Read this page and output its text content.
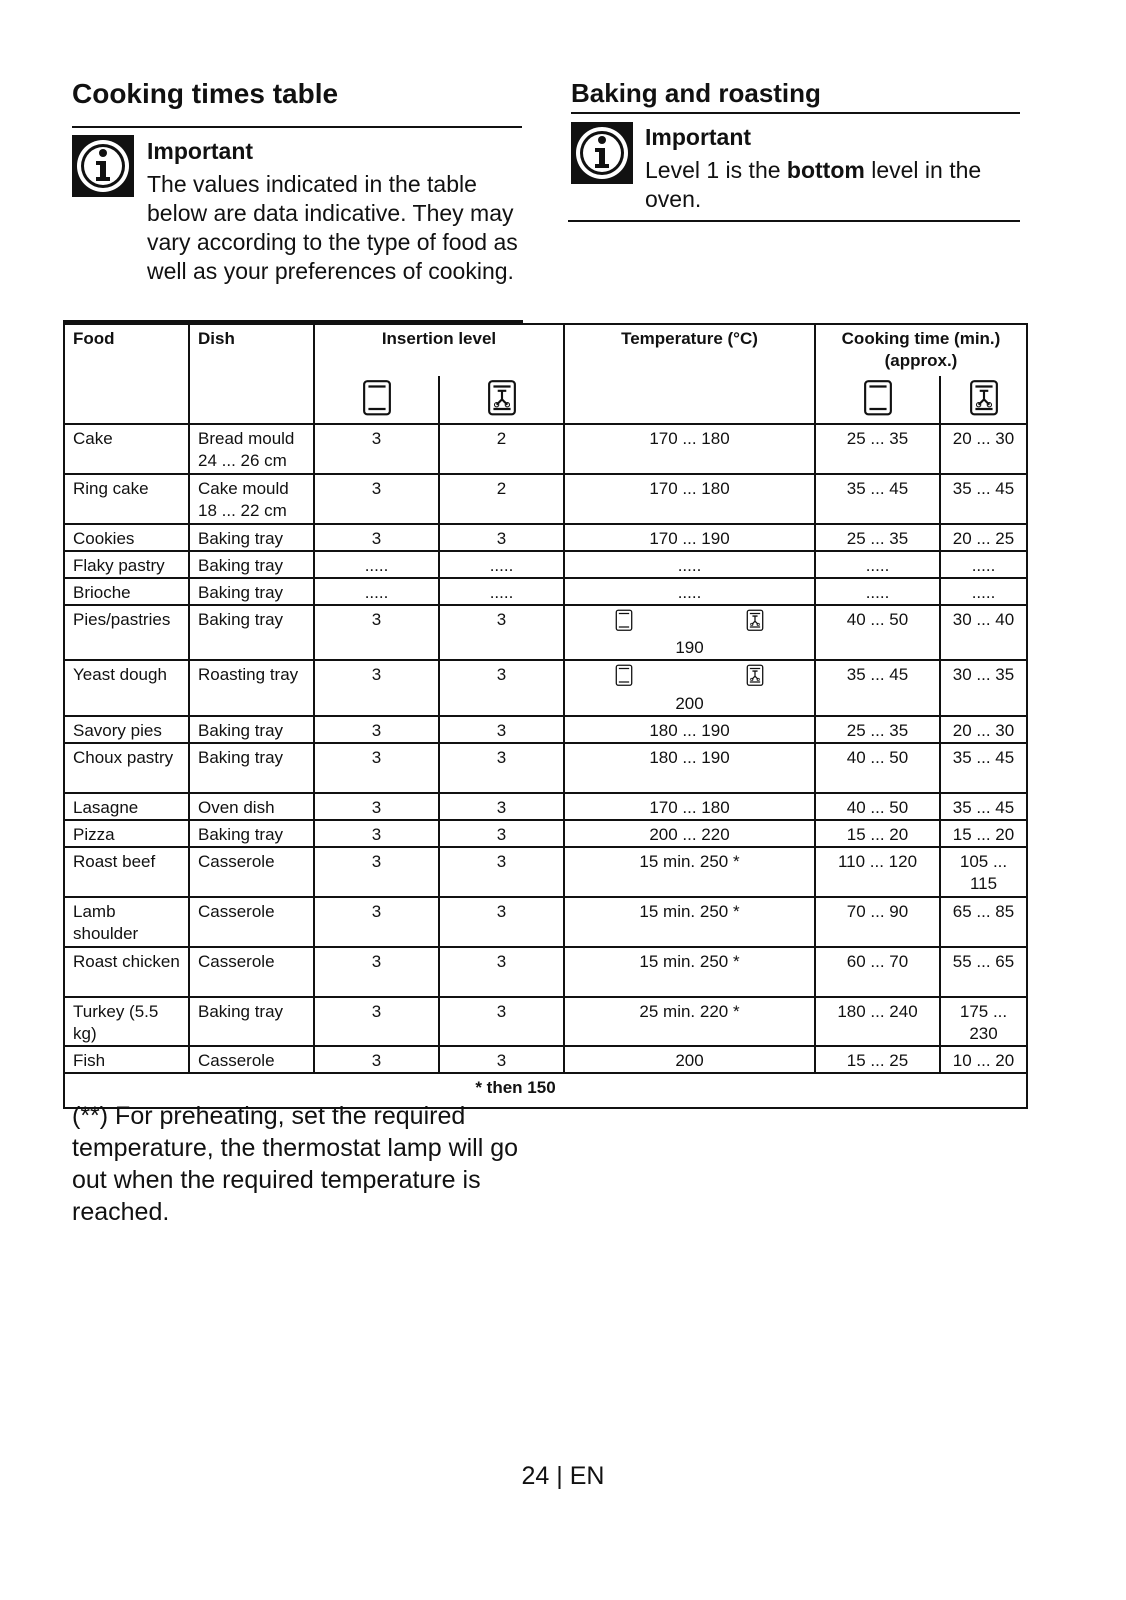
Cooking times table
Important
The values indicated in the table below are data indicative. They may vary according to the type of food as well as your preferences of cooking.
Baking and roasting
Important
Level 1 is the bottom level in the oven.
Food	Dish	Insertion level		Temperature (°C)	Cooking time (min.) (approx.)	

Cake	Bread mould 24 ... 26 cm	3	2	170 ... 180	25 ... 35	20 ... 30
Ring cake	Cake mould 18 ... 22 cm	3	2	170 ... 180	35 ... 45	35 ... 45
Cookies	Baking tray	3	3	170 ... 190	25 ... 35	20 ... 25
Flaky pastry	Baking tray	.....	.....	.....	.....	.....
Brioche	Baking tray	.....	.....	.....	.....	.....
Pies/pastries	Baking tray	3	3	190	40 ... 50	30 ... 40
Yeast dough	Roasting tray	3	3	200	35 ... 45	30 ... 35
Savory pies	Baking tray	3	3	180 ... 190	25 ... 35	20 ... 30
Choux pastry	Baking tray	3	3	180 ... 190	40 ... 50	35 ... 45
Lasagne	Oven dish	3	3	170 ... 180	40 ... 50	35 ... 45
Pizza	Baking tray	3	3	200 ... 220	15 ... 20	15 ... 20
Roast beef	Casserole	3	3	15 min. 250 *	110 ... 120	105 ... 115
Lamb shoulder	Casserole	3	3	15 min. 250 *	70 ... 90	65 ... 85
Roast chicken	Casserole	3	3	15 min. 250 *	60 ... 70	55 ... 65
Turkey (5.5 kg)	Baking tray	3	3	25 min. 220 *	180 ... 240	175 ... 230
Fish	Casserole	3	3	200	15 ... 25	10 ... 20
* then 150						
(**) For preheating, set the required temperature, the thermostat lamp will go out when the required temperature is reached.
24 | EN
